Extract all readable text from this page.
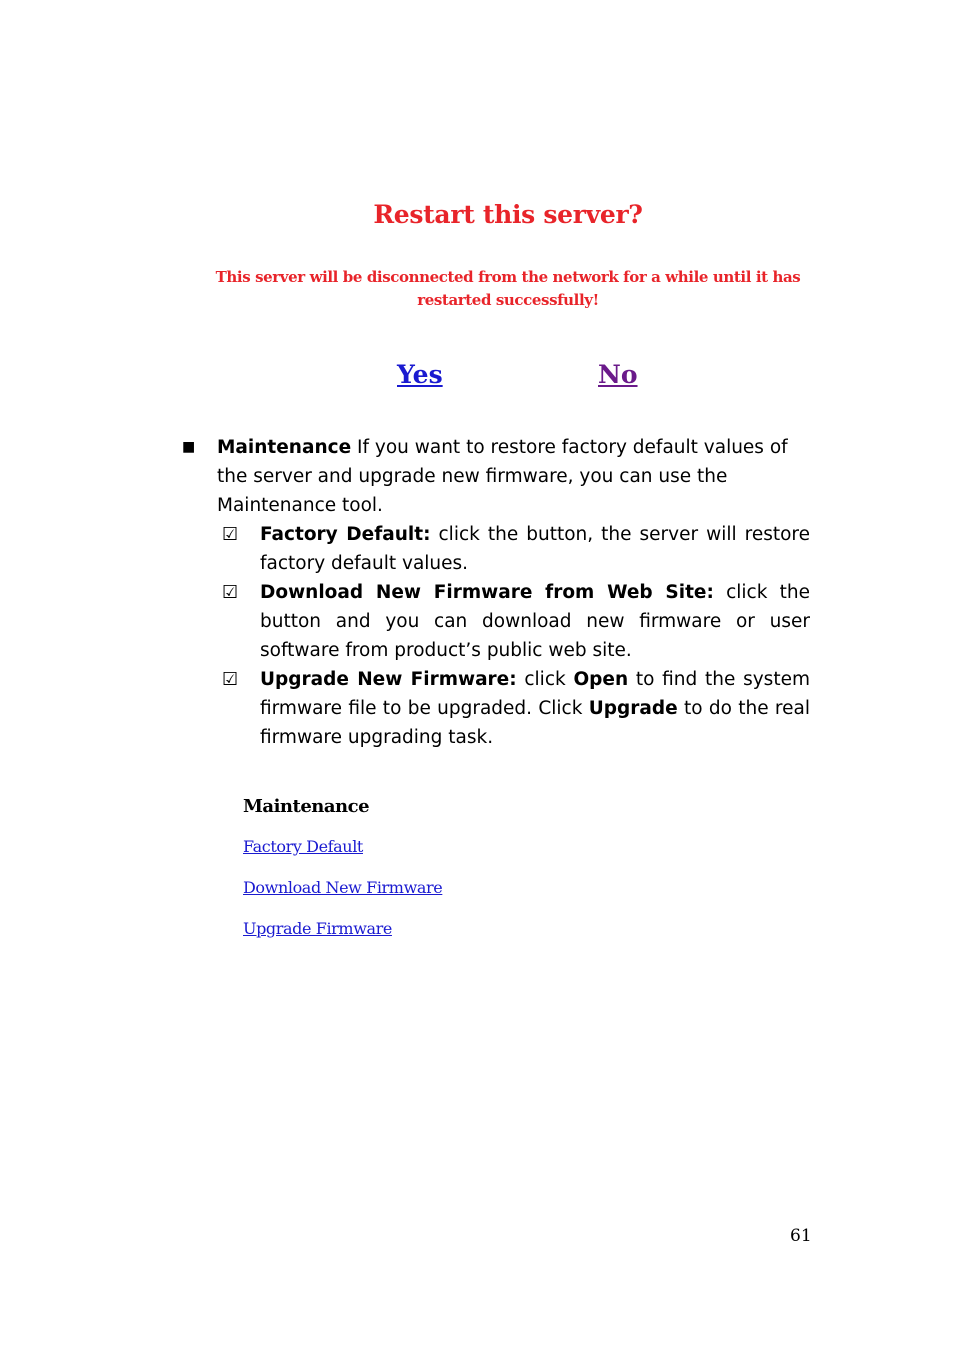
Restart this server?
This server will be disconnected from the network for a while until it has restarted successfully!
Yes	No
■ Maintenance If you want to restore factory default values of the server and upgrade new firmware, you can use the Maintenance tool.
☑ Factory Default: click the button, the server will restore factory default values.
☑ Download New Firmware from Web Site: click the button and you can download new firmware or user software from product’s public web site.
☑ Upgrade New Firmware: click Open to find the system firmware file to be upgraded. Click Upgrade to do the real firmware upgrading task.
Maintenance
Factory Default
Download New Firmware
Upgrade Firmware
61
